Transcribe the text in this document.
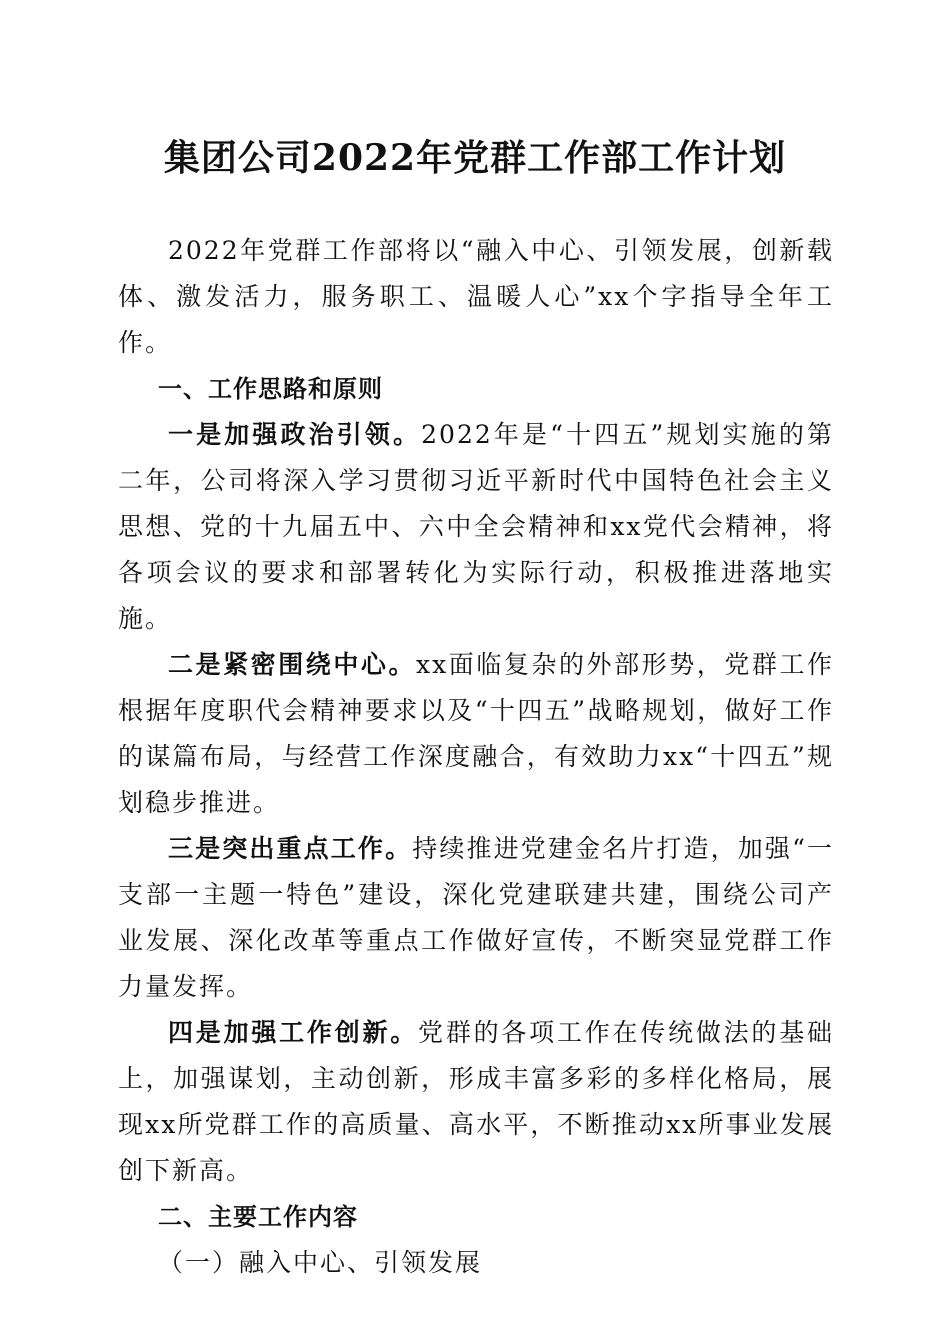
集团公司2022年党群工作部工作计划

2022年党群工作部将以“融入中心、引领发展，创新载体、激发活力，服务职工、温暖人心”xx个字指导全年工作。

一、工作思路和原则

一是加强政治引领。2022年是“十四五”规划实施的第二年，公司将深入学习贯彻习近平新时代中国特色社会主义思想、党的十九届五中、六中全会精神和xx党代会精神，将各项会议的要求和部署转化为实际行动，积极推进落地实施。

二是紧密围绕中心。xx面临复杂的外部形势，党群工作根据年度职代会精神要求以及“十四五”战略规划，做好工作的谋篇布局，与经营工作深度融合，有效助力xx“十四五”规划稳步推进。

三是突出重点工作。持续推进党建金名片打造，加强“一支部一主题一特色”建设，深化党建联建共建，围绕公司产业发展、深化改革等重点工作做好宣传，不断突显党群工作力量发挥。

四是加强工作创新。党群的各项工作在传统做法的基础上，加强谋划，主动创新，形成丰富多彩的多样化格局，展现xx所党群工作的高质量、高水平，不断推动xx所事业发展创下新高。

二、主要工作内容

（一）融入中心、引领发展
